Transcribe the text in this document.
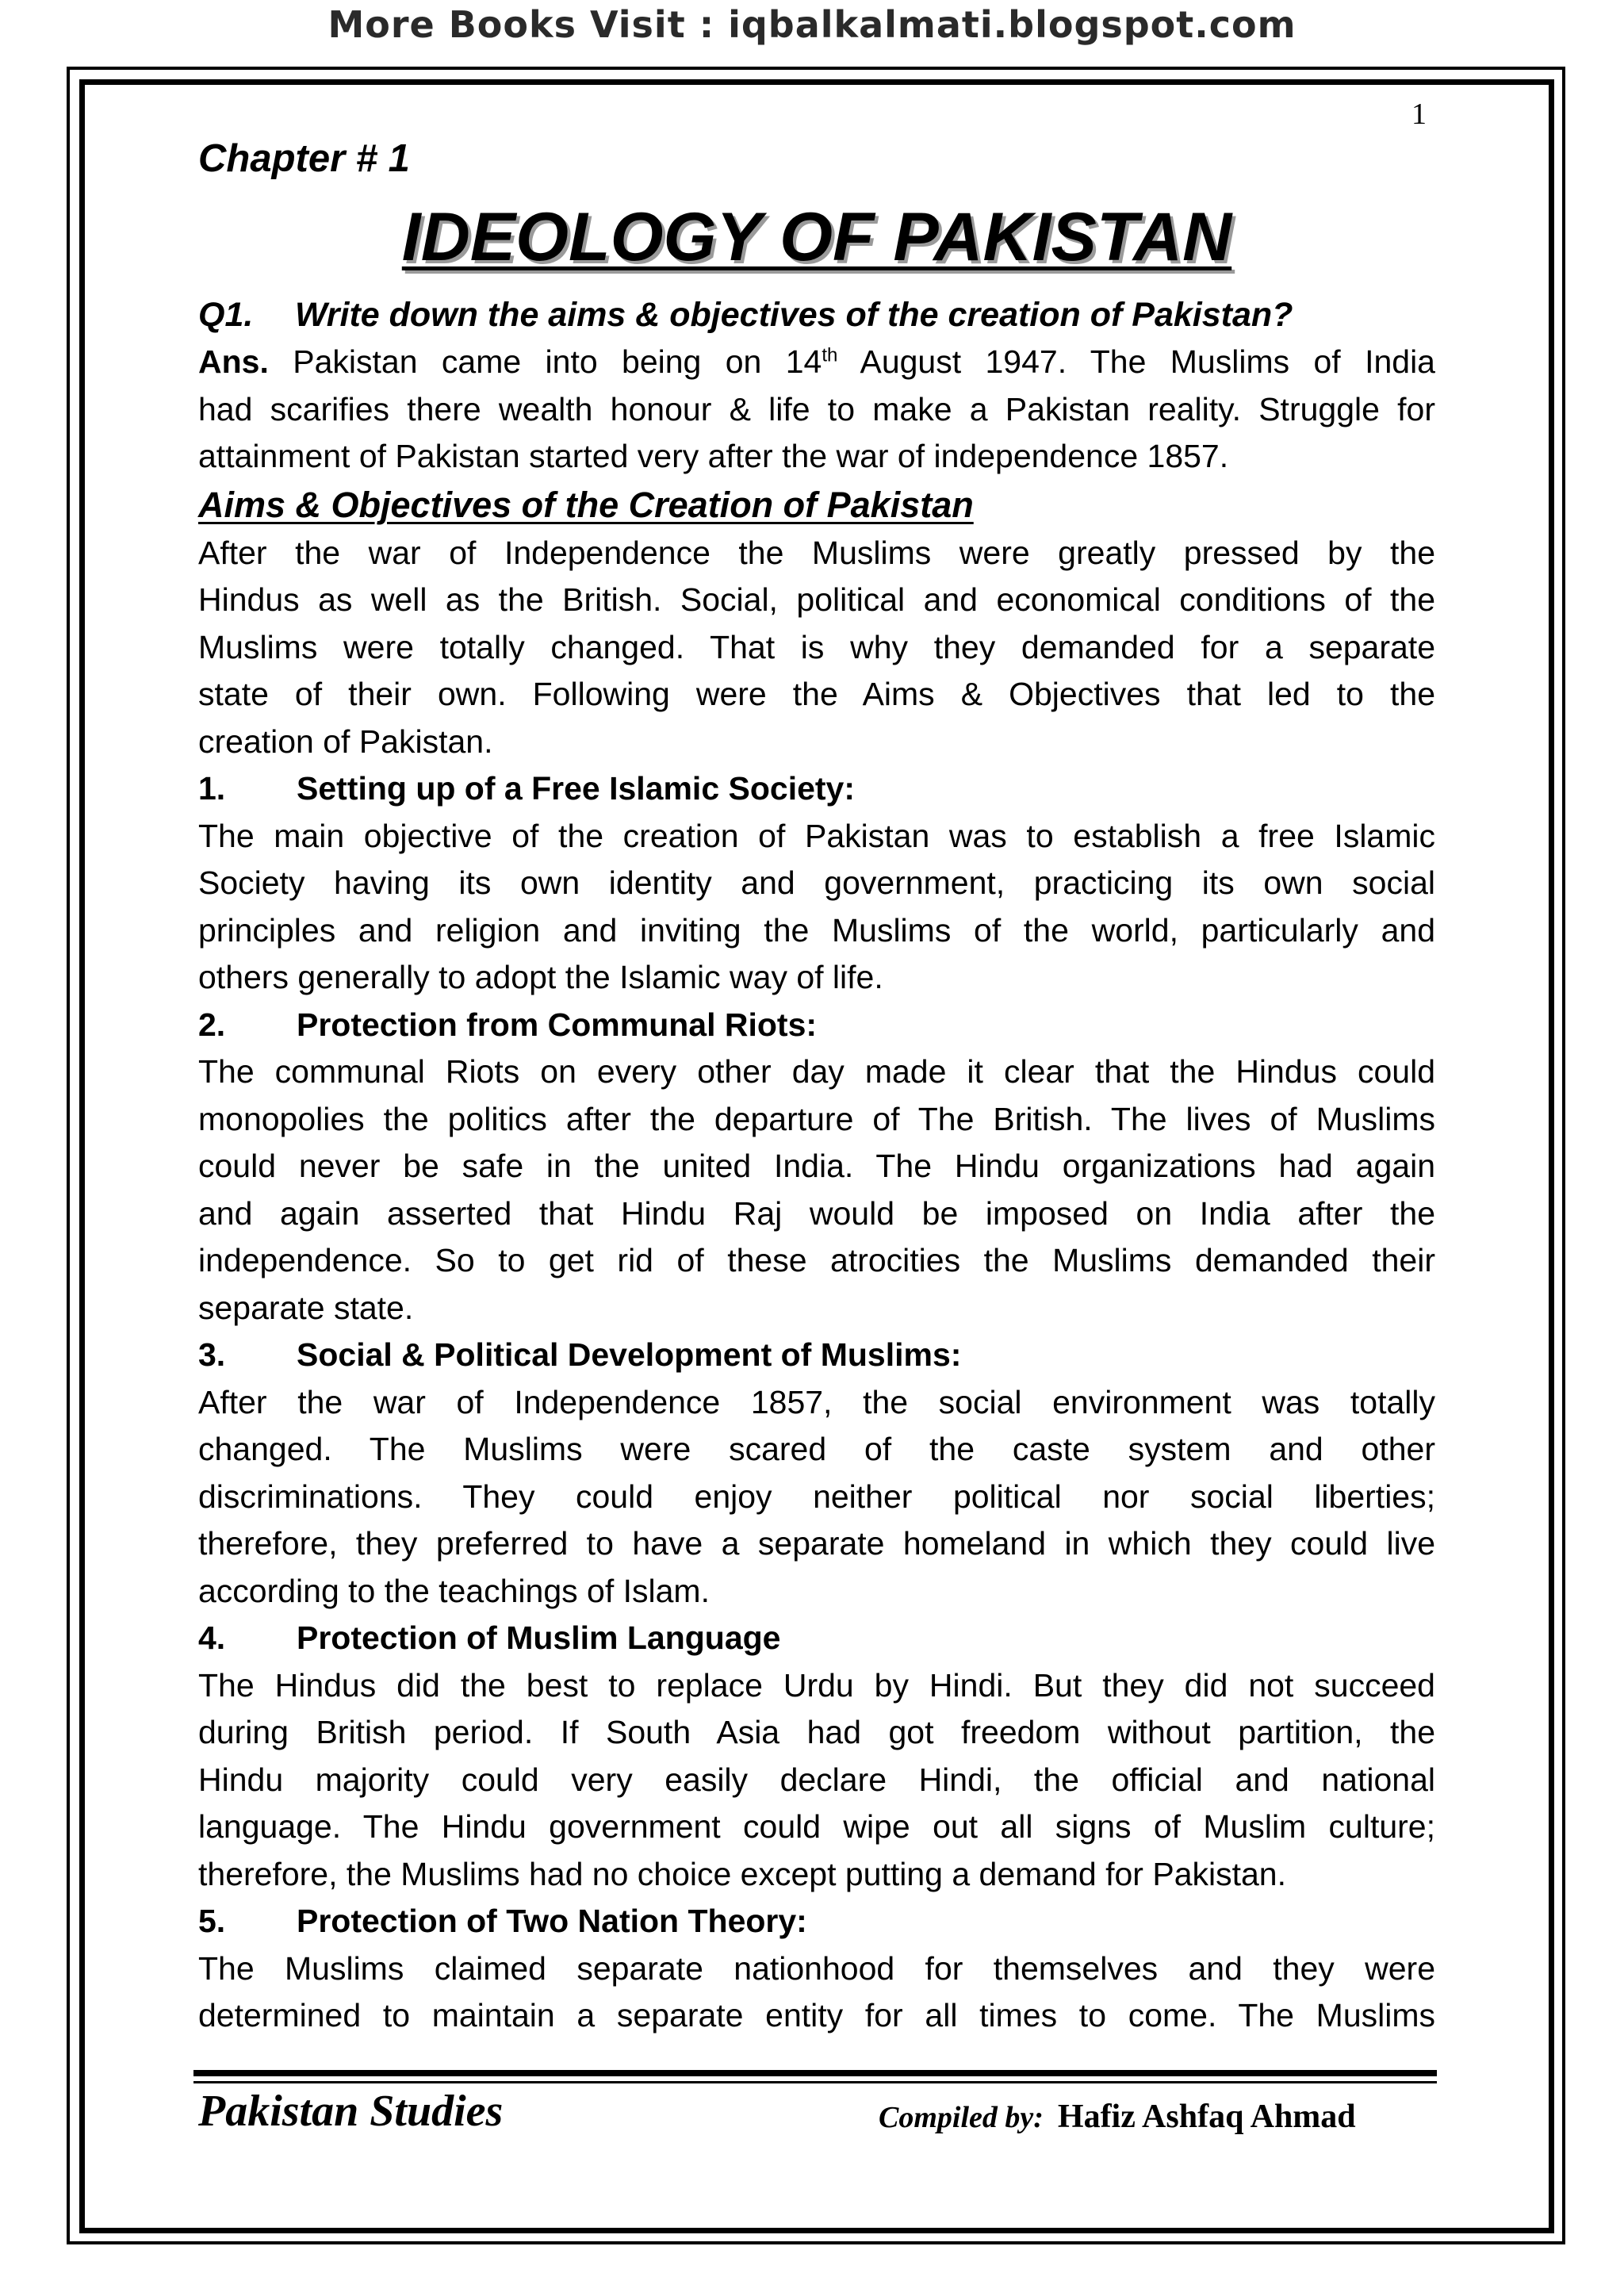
More Books Visit : iqbalkalmati.blogspot.com
1
Chapter # 1
IDEOLOGY OF PAKISTAN
Q1. Write down the aims & objectives of the creation of Pakistan?
Ans. Pakistan came into being on 14th August 1947. The Muslims of India
had scarifies there wealth honour & life to make a Pakistan reality. Struggle for
attainment of Pakistan started very after the war of independence 1857.
Aims & Objectives of the Creation of Pakistan
After the war of Independence the Muslims were greatly pressed by the
Hindus as well as the British. Social, political and economical conditions of the
Muslims were totally changed. That is why they demanded for a separate
state of their own. Following were the Aims & Objectives that led to the
creation of Pakistan.
1. Setting up of a Free Islamic Society:
The main objective of the creation of Pakistan was to establish a free Islamic
Society having its own identity and government, practicing its own social
principles and religion and inviting the Muslims of the world, particularly and
others generally to adopt the Islamic way of life.
2. Protection from Communal Riots:
The communal Riots on every other day made it clear that the Hindus could
monopolies the politics after the departure of The British. The lives of Muslims
could never be safe in the united India. The Hindu organizations had again
and again asserted that Hindu Raj would be imposed on India after the
independence. So to get rid of these atrocities the Muslims demanded their
separate state.
3. Social & Political Development of Muslims:
After the war of Independence 1857, the social environment was totally
changed. The Muslims were scared of the caste system and other
discriminations. They could enjoy neither political nor social liberties;
therefore, they preferred to have a separate homeland in which they could live
according to the teachings of Islam.
4. Protection of Muslim Language
The Hindus did the best to replace Urdu by Hindi. But they did not succeed
during British period. If South Asia had got freedom without partition, the
Hindu majority could very easily declare Hindi, the official and national
language. The Hindu government could wipe out all signs of Muslim culture;
therefore, the Muslims had no choice except putting a demand for Pakistan.
5. Protection of Two Nation Theory:
The Muslims claimed separate nationhood for themselves and they were
determined to maintain a separate entity for all times to come. The Muslims
Pakistan Studies	Compiled by: Hafiz Ashfaq Ahmad
